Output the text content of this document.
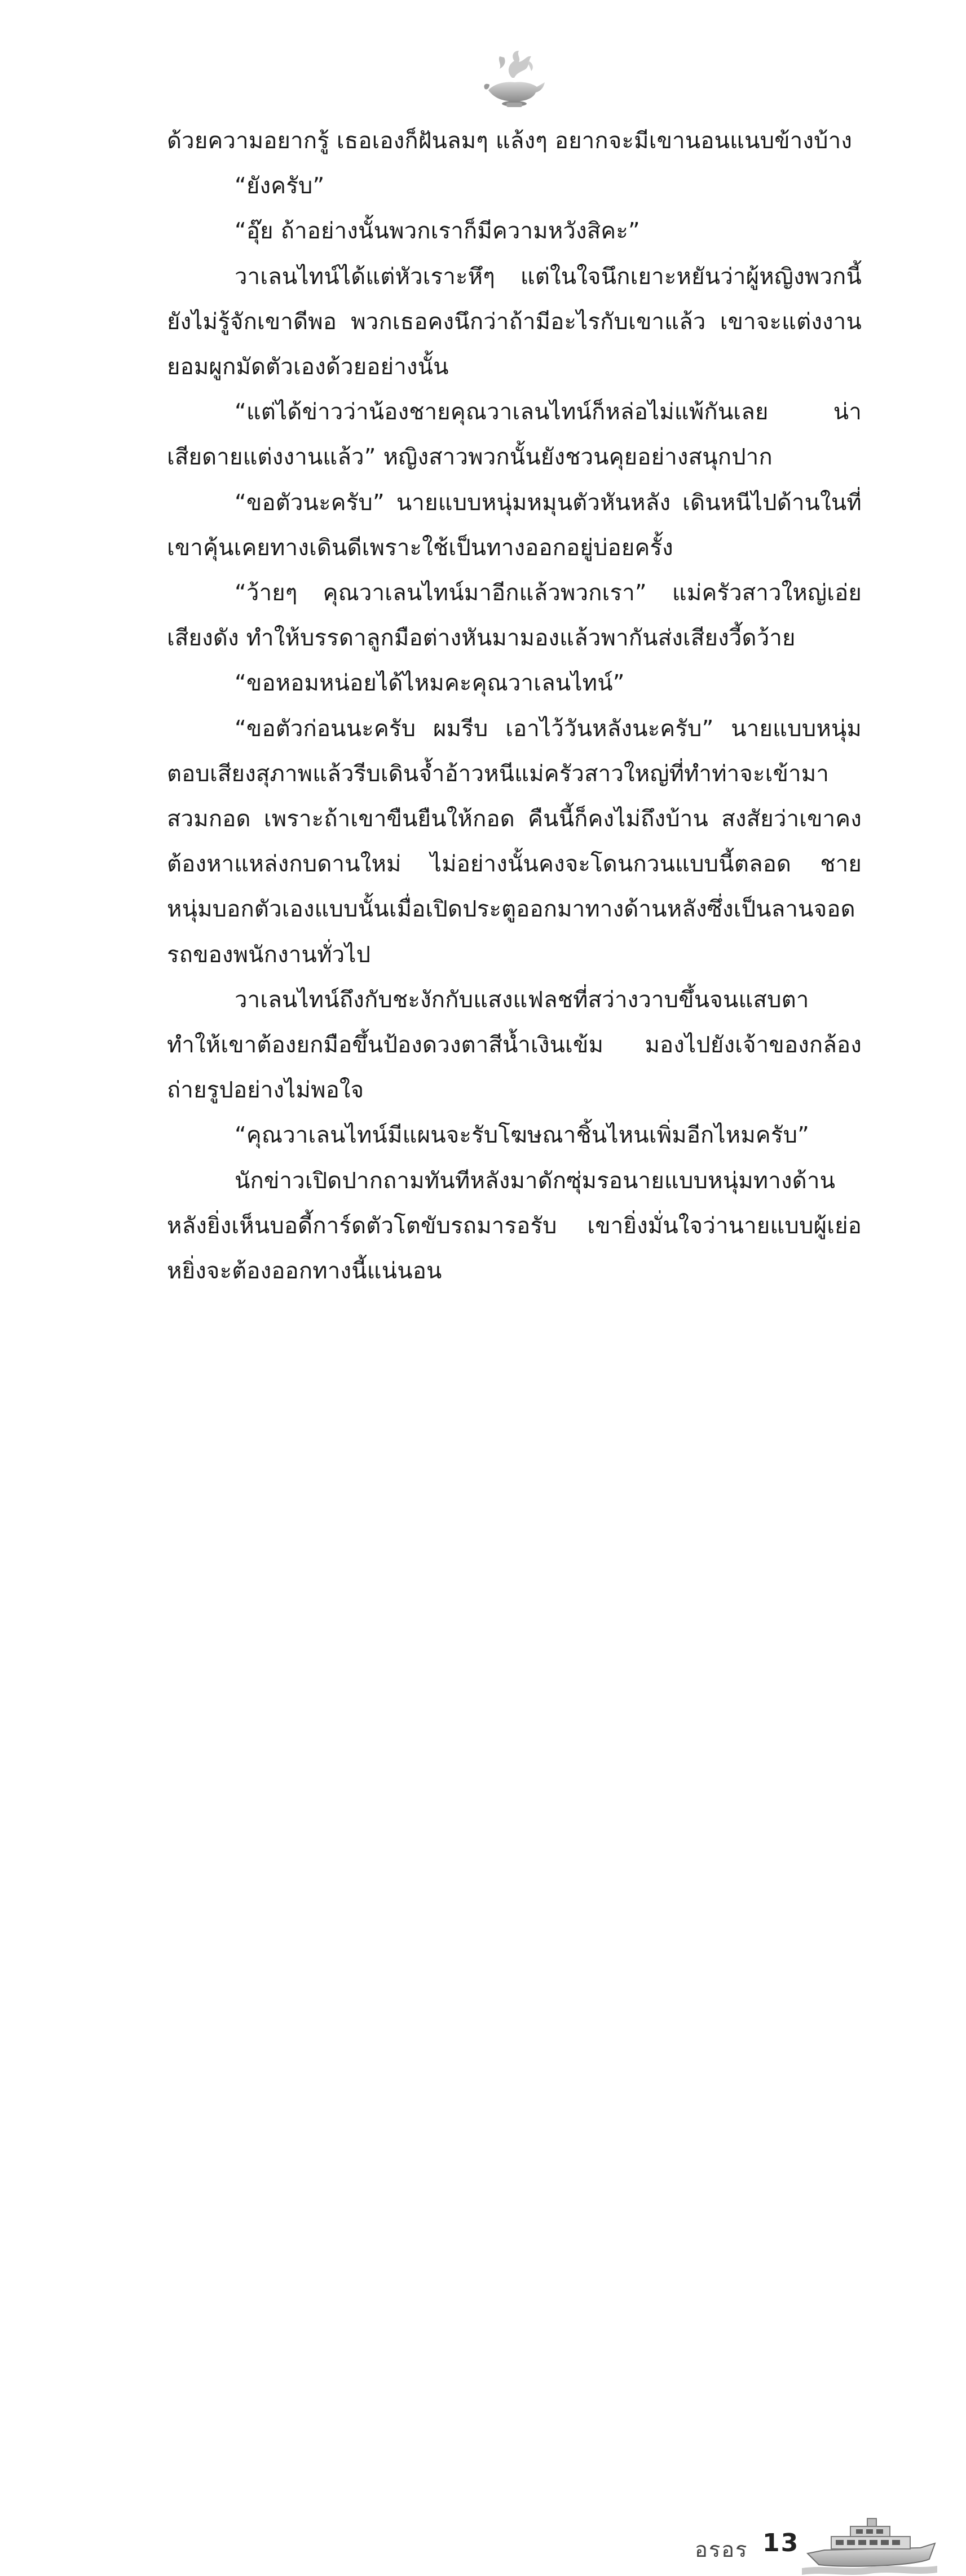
ด้วยความอยากรู้ เธอเองก็ฝันลมๆ แล้งๆ อยากจะมีเขานอนแนบข้างบ้าง

“ยังครับ”

“อุ๊ย ถ้าอย่างนั้นพวกเราก็มีความหวังสิคะ”

วาเลนไทน์ได้แต่หัวเราะหึๆ แต่ในใจนึกเยาะหยันว่าผู้หญิงพวกนี้ยังไม่รู้จักเขาดีพอ พวกเธอคงนึกว่าถ้ามีอะไรกับเขาแล้ว เขาจะแต่งงานยอมผูกมัดตัวเองด้วยอย่างนั้น

“แต่ได้ข่าวว่าน้องชายคุณวาเลนไทน์ก็หล่อไม่แพ้กันเลย น่าเสียดายแต่งงานแล้ว” หญิงสาวพวกนั้นยังชวนคุยอย่างสนุกปาก

“ขอตัวนะครับ” นายแบบหนุ่มหมุนตัวหันหลัง เดินหนีไปด้านในที่เขาคุ้นเคยทางเดินดีเพราะใช้เป็นทางออกอยู่บ่อยครั้ง

“ว้ายๆ คุณวาเลนไทน์มาอีกแล้วพวกเรา” แม่ครัวสาวใหญ่เอ่ยเสียงดัง ทำให้บรรดาลูกมือต่างหันมามองแล้วพากันส่งเสียงวี้ดว้าย

“ขอหอมหน่อยได้ไหมคะคุณวาเลนไทน์”

“ขอตัวก่อนนะครับ ผมรีบ เอาไว้วันหลังนะครับ” นายแบบหนุ่มตอบเสียงสุภาพแล้วรีบเดินจ้ำอ้าวหนีแม่ครัวสาวใหญ่ที่ทำท่าจะเข้ามาสวมกอด เพราะถ้าเขาขืนยืนให้กอด คืนนี้ก็คงไม่ถึงบ้าน สงสัยว่าเขาคงต้องหาแหล่งกบดานใหม่ ไม่อย่างนั้นคงจะโดนกวนแบบนี้ตลอด ชายหนุ่มบอกตัวเองแบบนั้นเมื่อเปิดประตูออกมาทางด้านหลังซึ่งเป็นลานจอดรถของพนักงานทั่วไป

วาเลนไทน์ถึงกับชะงักกับแสงแฟลชที่สว่างวาบขึ้นจนแสบตา ทำให้เขาต้องยกมือขึ้นป้องดวงตาสีน้ำเงินเข้ม มองไปยังเจ้าของกล้องถ่ายรูปอย่างไม่พอใจ

“คุณวาเลนไทน์มีแผนจะรับโฆษณาชิ้นไหนเพิ่มอีกไหมครับ”

นักข่าวเปิดปากถามทันทีหลังมาดักซุ่มรอนายแบบหนุ่มทางด้านหลังยิ่งเห็นบอดี้การ์ดตัวโตขับรถมารอรับ เขายิ่งมั่นใจว่านายแบบผู้เย่อหยิ่งจะต้องออกทางนี้แน่นอน

อรอร 13
